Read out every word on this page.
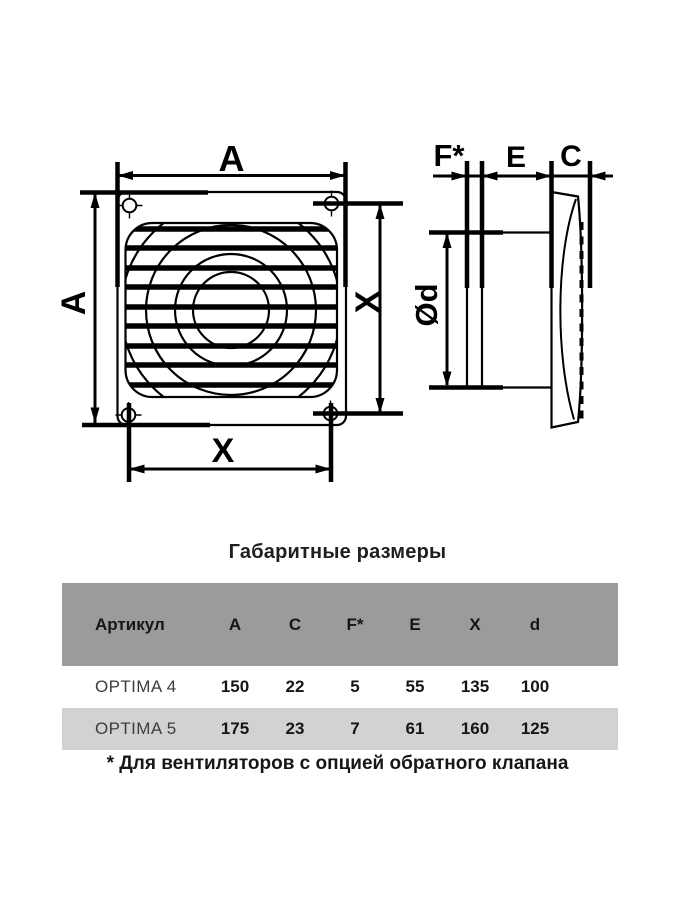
A
A	X
X
F* E C
Ød
Габаритные размеры
Артикул	A	C	F*	E	X	d
OPTIMA 4	150	22	5	55	135	100
OPTIMA 5	175	23	7	61	160	125
* Для вентиляторов с опцией обратного клапана
